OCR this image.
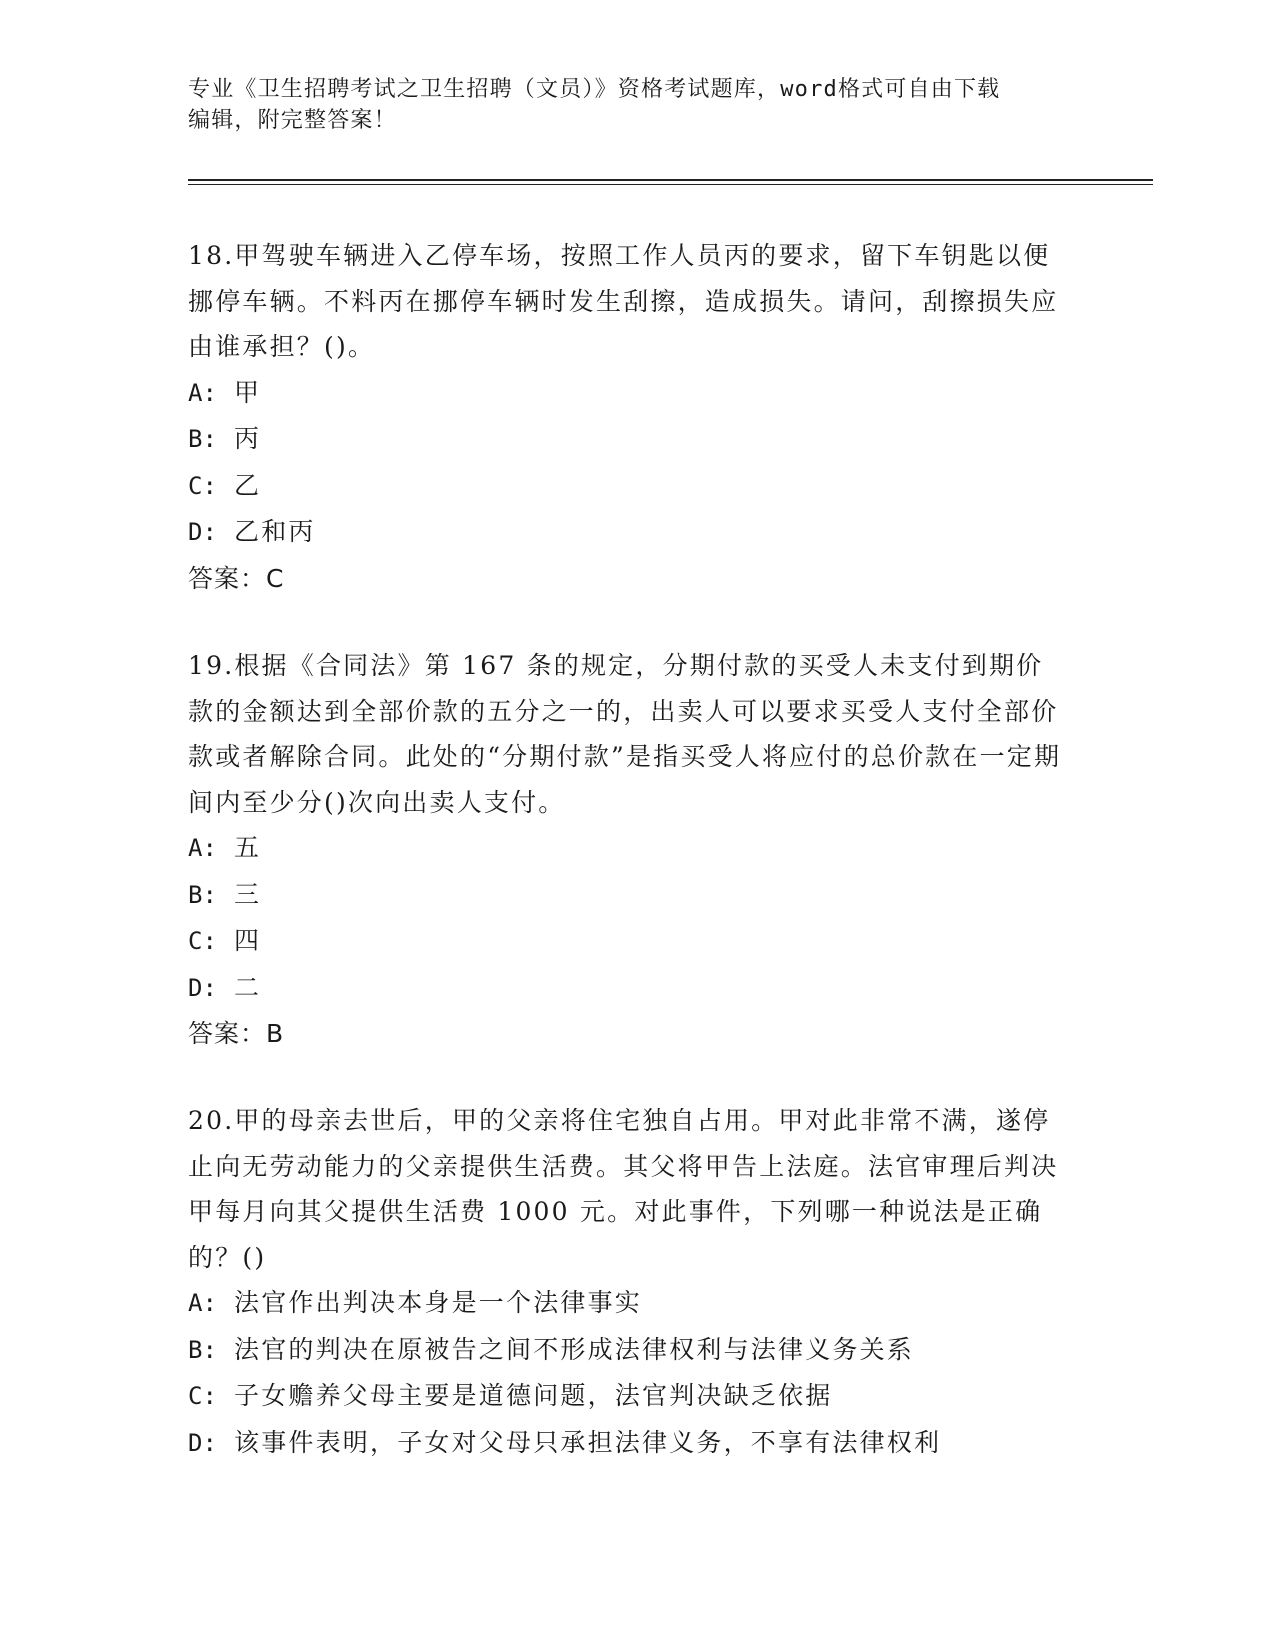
专业《卫生招聘考试之卫生招聘（文员）》资格考试题库，word格式可自由下载
编辑，附完整答案！

18.甲驾驶车辆进入乙停车场，按照工作人员丙的要求，留下车钥匙以便挪停车辆。不料丙在挪停车辆时发生刮擦，造成损失。请问，刮擦损失应由谁承担？()。

A: 甲

B: 丙

C: 乙

D: 乙和丙

答案：C

19.根据《合同法》第 167 条的规定，分期付款的买受人未支付到期价款的金额达到全部价款的五分之一的，出卖人可以要求买受人支付全部价款或者解除合同。此处的“分期付款”是指买受人将应付的总价款在一定期间内至少分()次向出卖人支付。

A: 五

B: 三

C: 四

D: 二

答案：B

20.甲的母亲去世后，甲的父亲将住宅独自占用。甲对此非常不满，遂停止向无劳动能力的父亲提供生活费。其父将甲告上法庭。法官审理后判决甲每月向其父提供生活费 1000 元。对此事件，下列哪一种说法是正确的？()

A: 法官作出判决本身是一个法律事实

B: 法官的判决在原被告之间不形成法律权利与法律义务关系

C: 子女赡养父母主要是道德问题，法官判决缺乏依据

D: 该事件表明，子女对父母只承担法律义务，不享有法律权利
